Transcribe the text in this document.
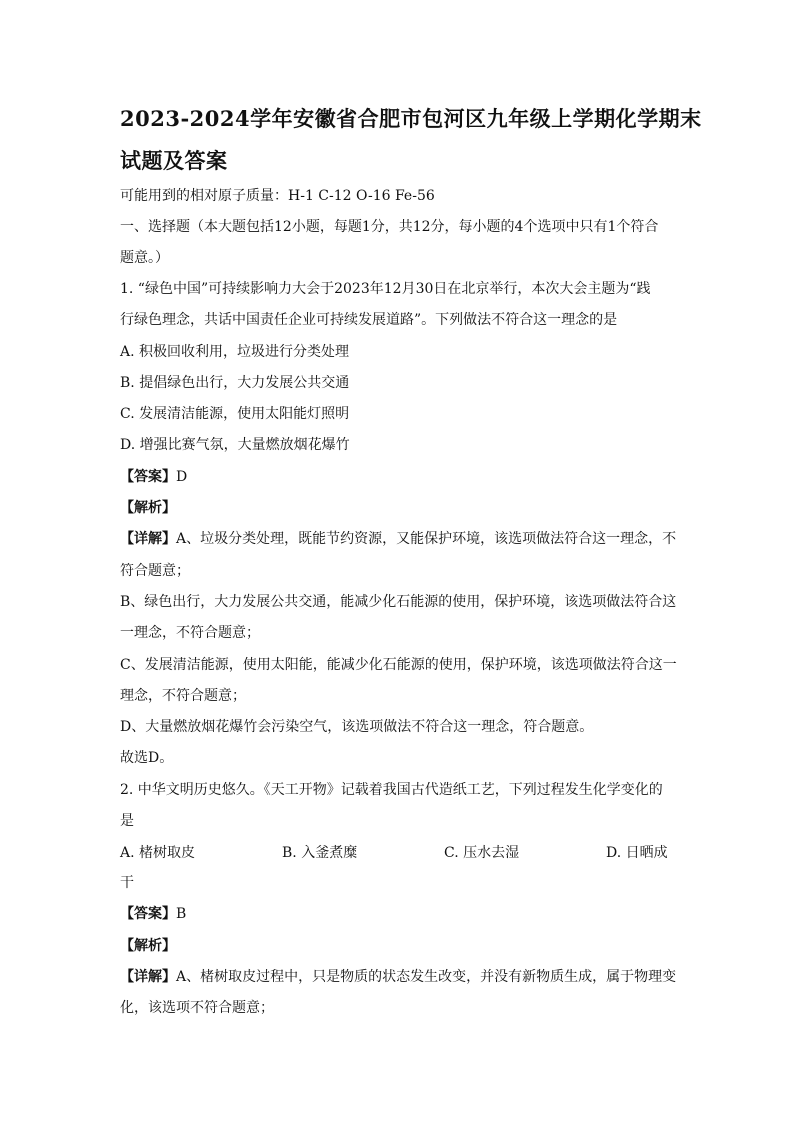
2023-2024学年安徽省合肥市包河区九年级上学期化学期末
试题及答案
可能用到的相对原子质量：H-1 C-12 O-16 Fe-56
一、选择题（本大题包括12小题，每题1分，共12分，每小题的4个选项中只有1个符合
题意。）
1. “绿色中国”可持续影响力大会于2023年12月30日在北京举行，本次大会主题为“践
行绿色理念，共话中国责任企业可持续发展道路”。下列做法不符合这一理念的是
A. 积极回收利用，垃圾进行分类处理
B. 提倡绿色出行，大力发展公共交通
C. 发展清洁能源，使用太阳能灯照明
D. 增强比赛气氛，大量燃放烟花爆竹
【答案】D
【解析】
【详解】A、垃圾分类处理，既能节约资源，又能保护环境，该选项做法符合这一理念，不
符合题意；
B、绿色出行，大力发展公共交通，能减少化石能源的使用，保护环境，该选项做法符合这
一理念，不符合题意；
C、发展清洁能源，使用太阳能，能减少化石能源的使用，保护环境，该选项做法符合这一
理念，不符合题意；
D、大量燃放烟花爆竹会污染空气，该选项做法不符合这一理念，符合题意。
故选D。
2. 中华文明历史悠久。《天工开物》记载着我国古代造纸工艺，下列过程发生化学变化的
是
A. 楮树取皮	B. 入釜煮糜	C. 压水去湿	D. 日晒成
干
【答案】B
【解析】
【详解】A、楮树取皮过程中，只是物质的状态发生改变，并没有新物质生成，属于物理变
化，该选项不符合题意；
